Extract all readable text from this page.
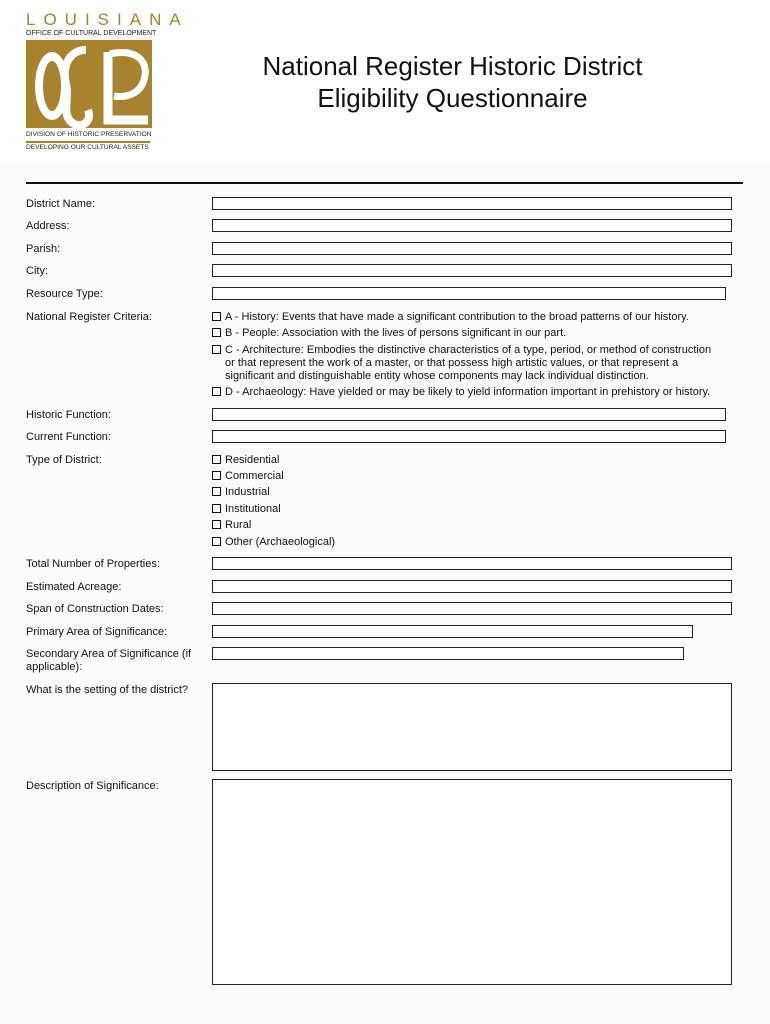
LOUISIANA
OFFICE OF CULTURAL DEVELOPMENT
DIVISION OF HISTORIC PRESERVATION
DEVELOPING OUR CULTURAL ASSETS
National Register Historic District
Eligibility Questionnaire
District Name:
Address:
Parish:
City:
Resource Type:
National Register Criteria:	A - History: Events that have made a significant contribution to the broad patterns of our history.
B - People: Association with the lives of persons significant in our part.
C - Architecture: Embodies the distinctive characteristics of a type, period, or method of construction or that represent the work of a master, or that possess high artistic values, or that represent a significant and distinguishable entity whose components may lack individual distinction.
D - Archaeology: Have yielded or may be likely to yield information important in prehistory or history.
Historic Function:
Current Function:
Type of District:	Residential
Commercial
Industrial
Institutional
Rural
Other (Archaeological)
Total Number of Properties:
Estimated Acreage:
Span of Construction Dates:
Primary Area of Significance:
Secondary Area of Significance (if applicable):
What is the setting of the district?
Description of Significance:
